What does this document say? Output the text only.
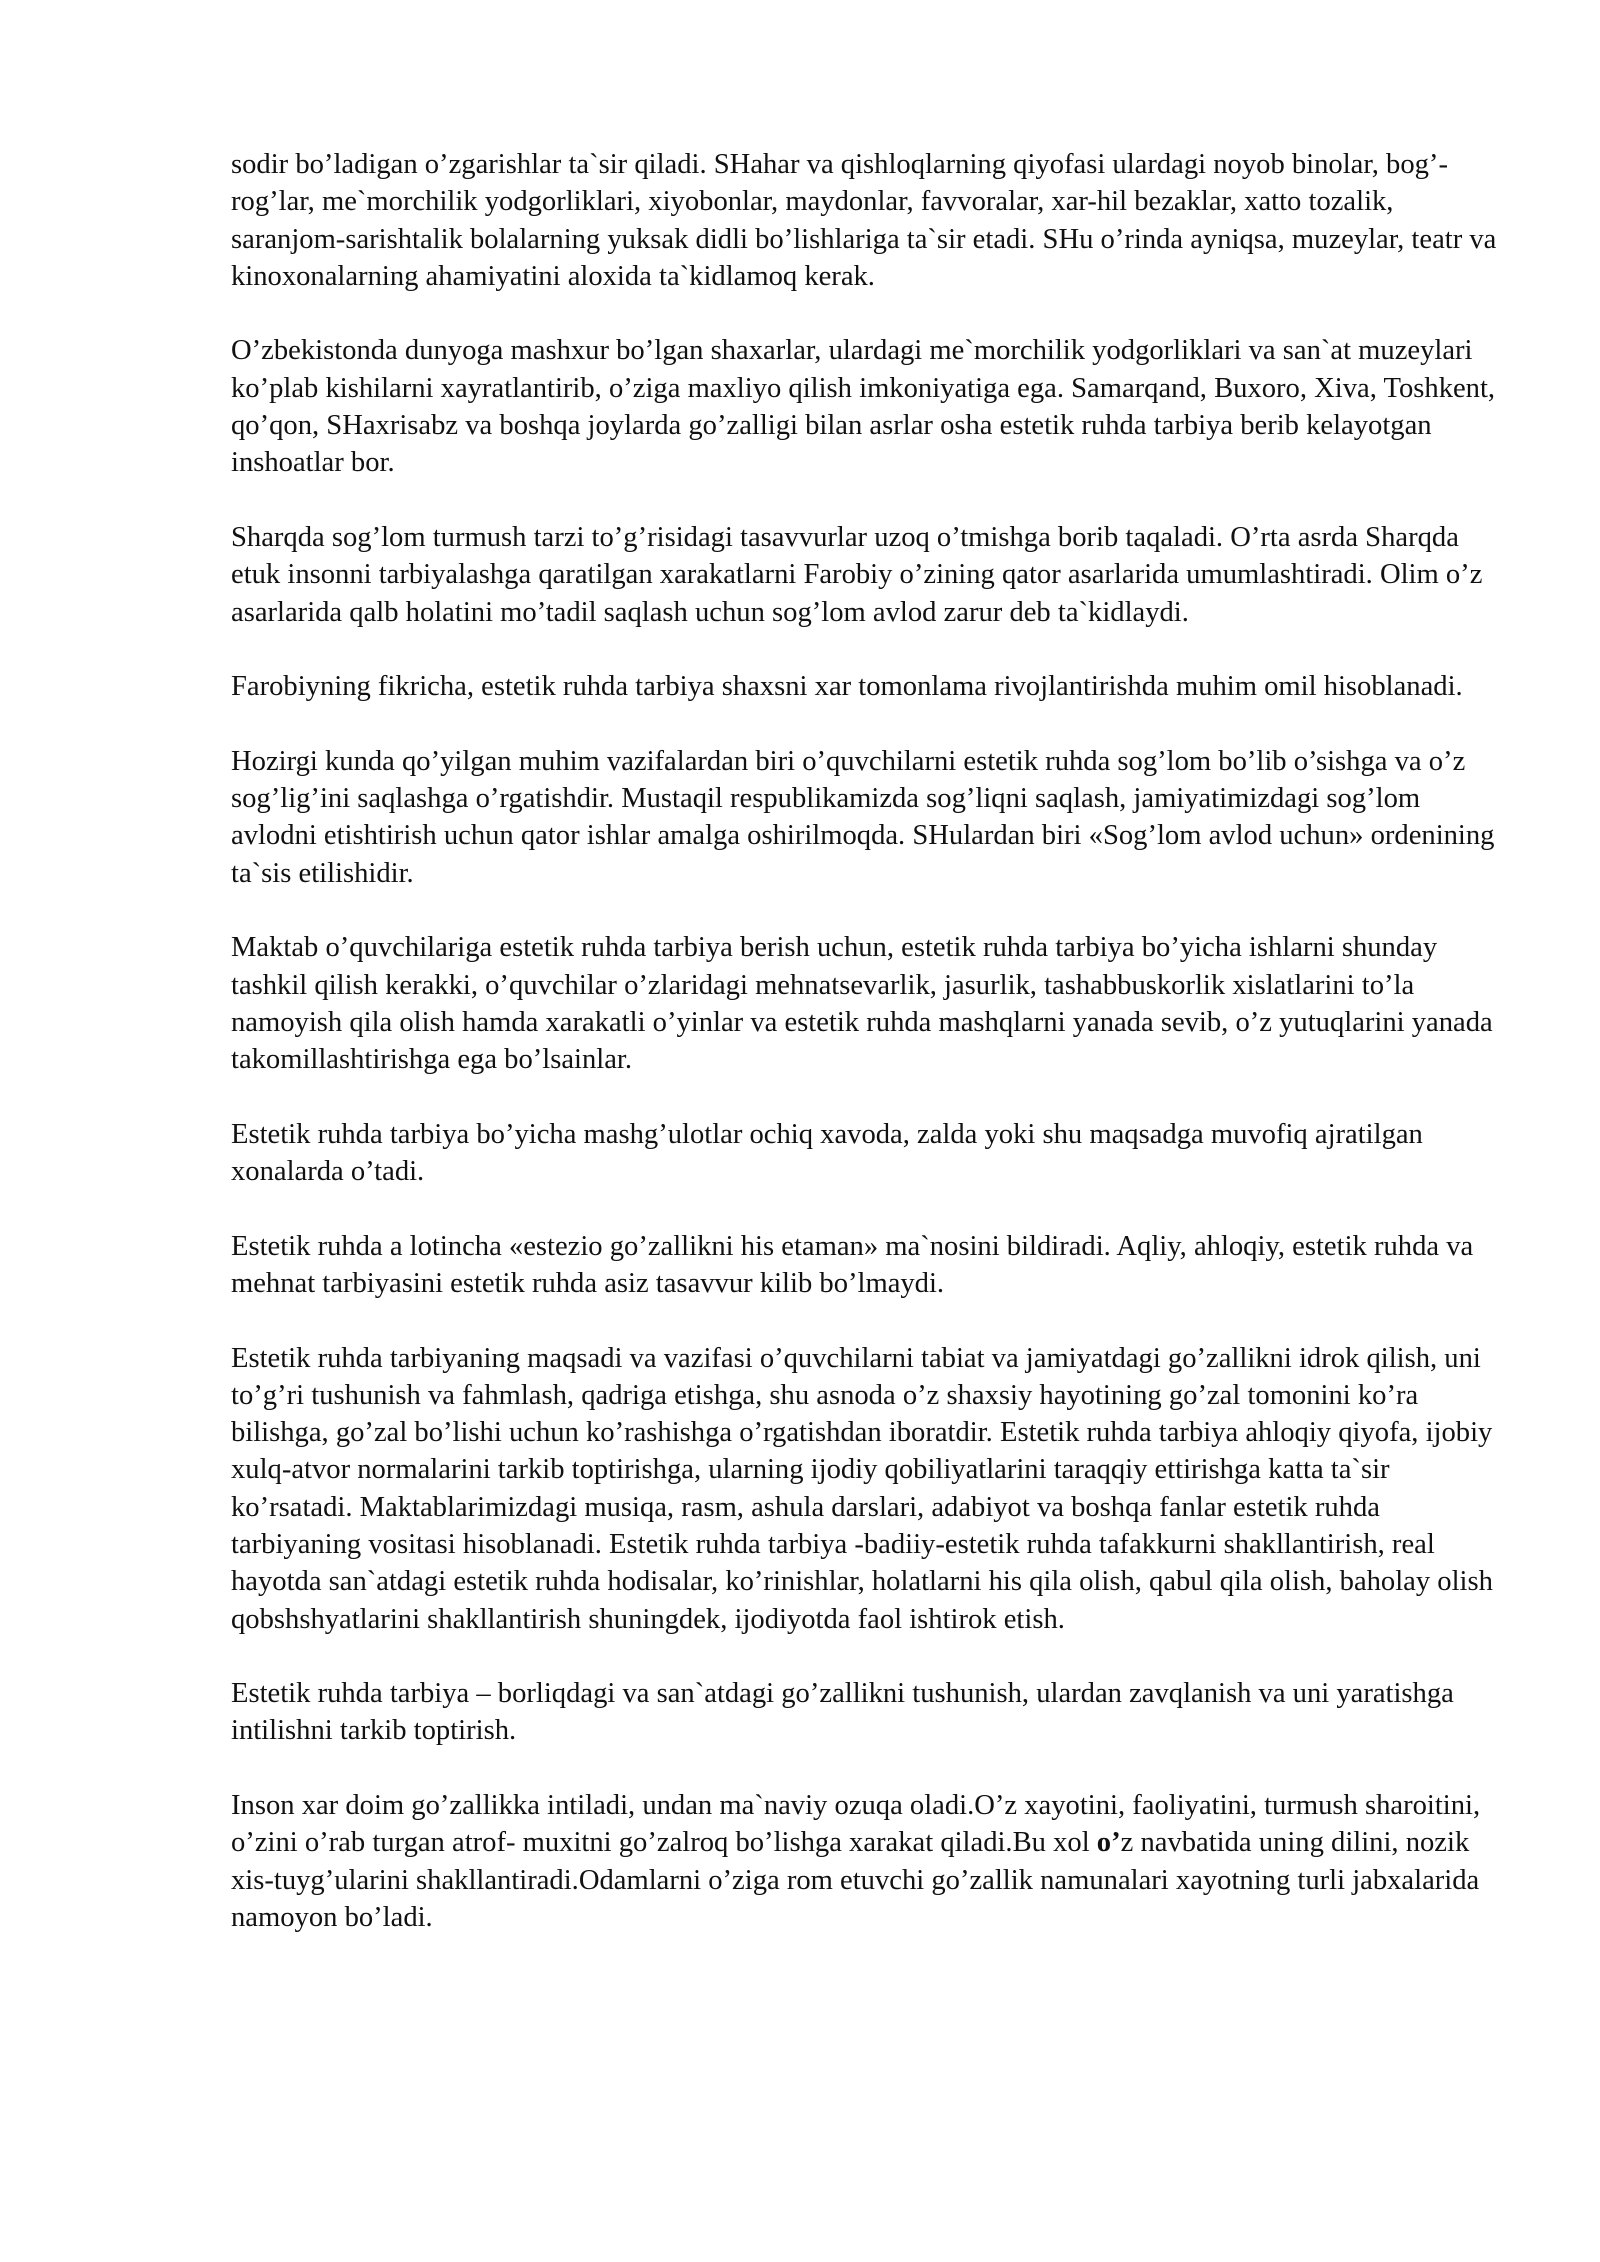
sodir bo’ladigan o’zgarishlar ta`sir qiladi. SHahar va qishloqlarning qiyofasi ulardagi noyob binolar, bog’-rog’lar, me`morchilik yodgorliklari, xiyobonlar, maydonlar, favvoralar, xar-hil bezaklar, xatto tozalik, saranjom-sarishtalik bolalarning yuksak didli bo’lishlariga ta`sir etadi. SHu o’rinda ayniqsa, muzeylar, teatr va kinoxonalarning ahamiyatini aloxida ta`kidlamoq kerak.

O’zbekistonda dunyoga mashxur bo’lgan shaxarlar, ulardagi me`morchilik yodgorliklari va san`at muzeylari ko’plab kishilarni xayratlantirib, o’ziga maxliyo qilish imkoniyatiga ega. Samarqand, Buxoro, Xiva, Toshkent, qo’qon, SHaxrisabz va boshqa joylarda go’zalligi bilan asrlar osha estetik ruhda tarbiya berib kelayotgan inshoatlar bor.

Sharqda sog’lom turmush tarzi to’g’risidagi tasavvurlar uzoq o’tmishga borib taqaladi. O’rta asrda Sharqda etuk insonni tarbiyalashga qaratilgan xarakatlarni Farobiy o’zining qator asarlarida umumlashtiradi. Olim o’z asarlarida qalb holatini mo’tadil saqlash uchun sog’lom avlod zarur deb ta`kidlaydi.

Farobiyning fikricha, estetik ruhda tarbiya shaxsni xar tomonlama rivojlantirishda muhim omil hisoblanadi.

Hozirgi kunda qo’yilgan muhim vazifalardan biri o’quvchilarni estetik ruhda sog’lom bo’lib o’sishga va o’z sog’lig’ini saqlashga o’rgatishdir. Mustaqil respublikamizda sog’liqni saqlash, jamiyatimizdagi sog’lom avlodni etishtirish uchun qator ishlar amalga oshirilmoqda. SHulardan biri «Sog’lom avlod uchun» ordenining ta`sis etilishidir.

Maktab o’quvchilariga estetik ruhda tarbiya berish uchun, estetik ruhda tarbiya bo’yicha ishlarni shunday tashkil qilish kerakki, o’quvchilar o’zlaridagi mehnatsevarlik, jasurlik, tashabbuskorlik xislatlarini to’la namoyish qila olish hamda xarakatli o’yinlar va estetik ruhda mashqlarni yanada sevib, o’z yutuqlarini yanada takomillashtirishga ega bo’lsainlar.

Estetik ruhda tarbiya bo’yicha mashg’ulotlar ochiq xavoda, zalda yoki shu maqsadga muvofiq ajratilgan xonalarda o’tadi.

Estetik ruhda a lotincha «estezio go’zallikni his etaman» ma`nosini bildiradi. Aqliy, ahloqiy, estetik ruhda va mehnat tarbiyasini estetik ruhda asiz tasavvur kilib bo’lmaydi.

Estetik ruhda tarbiyaning maqsadi va vazifasi o’quvchilarni tabiat va jamiyatdagi go’zallikni idrok qilish, uni to’g’ri tushunish va fahmlash, qadriga etishga, shu asnoda o’z shaxsiy hayotining go’zal tomonini ko’ra bilishga, go’zal bo’lishi uchun ko’rashishga o’rgatishdan iboratdir. Estetik ruhda tarbiya ahloqiy qiyofa, ijobiy xulq-atvor normalarini tarkib toptirishga, ularning ijodiy qobiliyatlarini taraqqiy ettirishga katta ta`sir ko’rsatadi. Maktablarimizdagi musiqa, rasm, ashula darslari, adabiyot va boshqa fanlar estetik ruhda tarbiyaning vositasi hisoblanadi. Estetik ruhda tarbiya -badiiy-estetik ruhda tafakkurni shakllantirish, real hayotda san`atdagi estetik ruhda hodisalar, ko’rinishlar, holatlarni his qila olish, qabul qila olish, baholay olish qobshshyatlarini shakllantirish shuningdek, ijodiyotda faol ishtirok etish.

Estetik ruhda tarbiya – borliqdagi va san`atdagi go’zallikni tushunish, ulardan zavqlanish va uni yaratishga intilishni tarkib toptirish.

Inson xar doim go’zallikka intiladi, undan ma`naviy ozuqa oladi.O’z xayotini, faoliyatini, turmush sharoitini, o’zini o’rab turgan atrof- muxitni go’zalroq bo’lishga xarakat qiladi.Bu xol o’z navbatida uning dilini, nozik xis-tuyg’ularini shakllantiradi.Odamlarni o’ziga rom etuvchi go’zallik namunalari xayotning turli jabxalarida namoyon bo’ladi.
